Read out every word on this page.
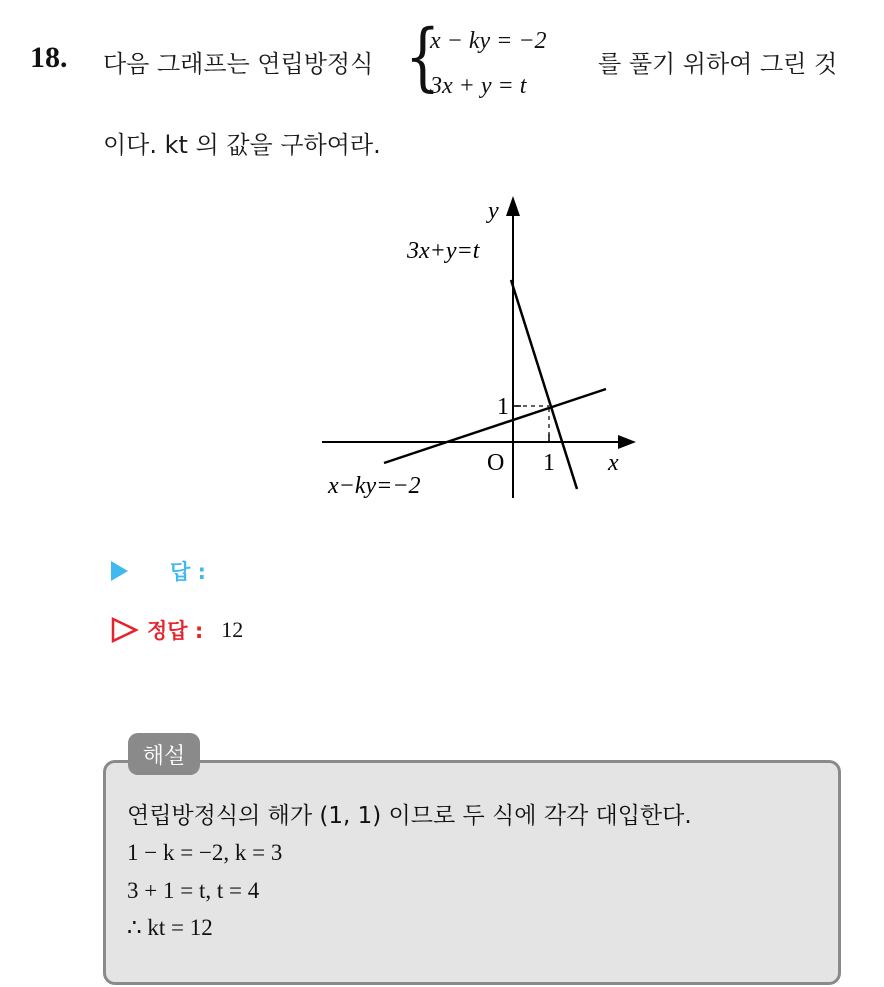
18. 다음 그래프는 연립방정식 {
x − ky = −2
3x + y = t
를 풀기 위하여 그린 것
이다. kt 의 값을 구하여라.
y
x
O 1
1
3x+y=t
x−ky=−2
답 :
정답 : 12
해설
연립방정식의 해가 (1, 1) 이므로 두 식에 각각 대입한다.
1 − k = −2, k = 3
3 + 1 = t, t = 4
∴ kt = 12
